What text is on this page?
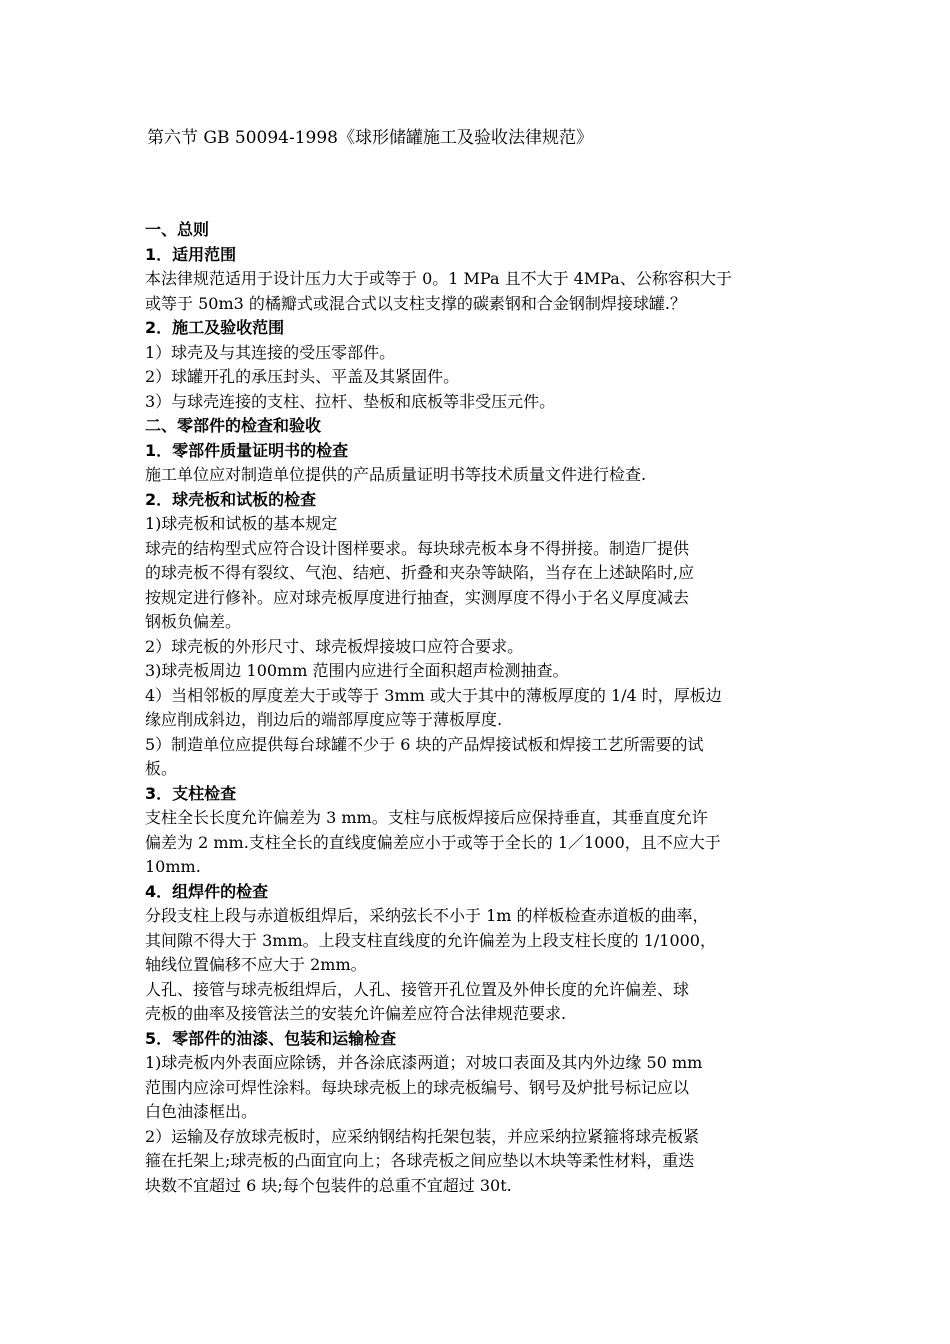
第六节 GB 50094-1998《球形储罐施工及验收法律规范》

一、总则

1．适用范围

本法律规范适用于设计压力大于或等于 0。1 MPa 且不大于 4MPa、公称容积大于

或等于 50m3 的橘瓣式或混合式以支柱支撑的碳素钢和合金钢制焊接球罐.？

2．施工及验收范围

1）球壳及与其连接的受压零部件。

2）球罐开孔的承压封头、平盖及其紧固件。

3）与球壳连接的支柱、拉杆、垫板和底板等非受压元件。

二、零部件的检查和验收

1．零部件质量证明书的检查

施工单位应对制造单位提供的产品质量证明书等技术质量文件进行检查.

2．球壳板和试板的检查

1)球壳板和试板的基本规定

球壳的结构型式应符合设计图样要求。每块球壳板本身不得拼接。制造厂提供

的球壳板不得有裂纹、气泡、结疤、折叠和夹杂等缺陷，当存在上述缺陷时,应

按规定进行修补。应对球壳板厚度进行抽查，实测厚度不得小于名义厚度减去

钢板负偏差。

2）球壳板的外形尺寸、球壳板焊接坡口应符合要求。

3)球壳板周边 100mm 范围内应进行全面积超声检测抽查。

4）当相邻板的厚度差大于或等于 3mm 或大于其中的薄板厚度的 1/4 时，厚板边

缘应削成斜边，削边后的端部厚度应等于薄板厚度.

5）制造单位应提供每台球罐不少于 6 块的产品焊接试板和焊接工艺所需要的试

板。

3．支柱检查

支柱全长长度允许偏差为 3 mm。支柱与底板焊接后应保持垂直，其垂直度允许

偏差为 2 mm.支柱全长的直线度偏差应小于或等于全长的 1／1000，且不应大于

10mm.

4．组焊件的检查

分段支柱上段与赤道板组焊后，采纳弦长不小于 1m 的样板检查赤道板的曲率，

其间隙不得大于 3mm。上段支柱直线度的允许偏差为上段支柱长度的 1/1000，

轴线位置偏移不应大于 2mm。

人孔、接管与球壳板组焊后，人孔、接管开孔位置及外伸长度的允许偏差、球

壳板的曲率及接管法兰的安装允许偏差应符合法律规范要求.

5．零部件的油漆、包装和运输检查

1)球壳板内外表面应除锈，并各涂底漆两道；对坡口表面及其内外边缘 50 mm

范围内应涂可焊性涂料。每块球壳板上的球壳板编号、钢号及炉批号标记应以

白色油漆框出。

2）运输及存放球壳板时，应采纳钢结构托架包装，并应采纳拉紧箍将球壳板紧

箍在托架上;球壳板的凸面宜向上；各球壳板之间应垫以木块等柔性材料，重迭

块数不宜超过 6 块;每个包装件的总重不宜超过 30t.
